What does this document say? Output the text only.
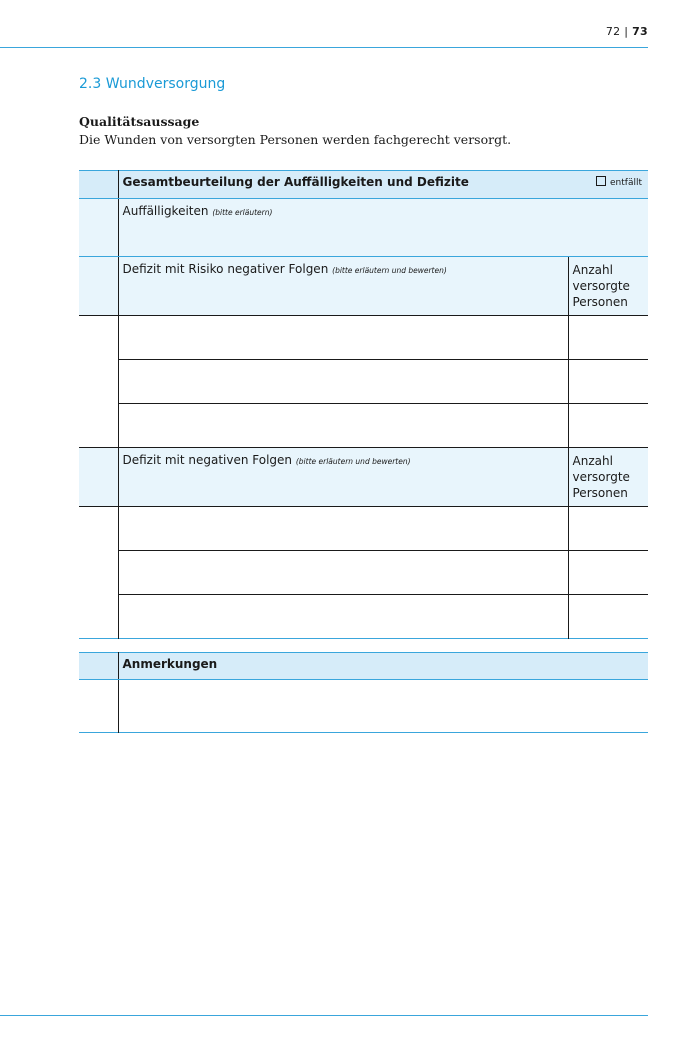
72 | 73
2.3 Wundversorgung
Qualitätsaussage
Die Wunden von versorgten Personen werden fachgerecht versorgt.
	Gesamtbeurteilung der Auffälligkeiten und Defizite	entfällt
	Auffälligkeiten (bitte erläutern)	
	Defizit mit Risiko negativer Folgen (bitte erläutern und bewerten)	Anzahl
versorgte
Personen

	Defizit mit negativen Folgen (bitte erläutern und bewerten)	Anzahl
versorgte
Personen

	Anmerkungen
